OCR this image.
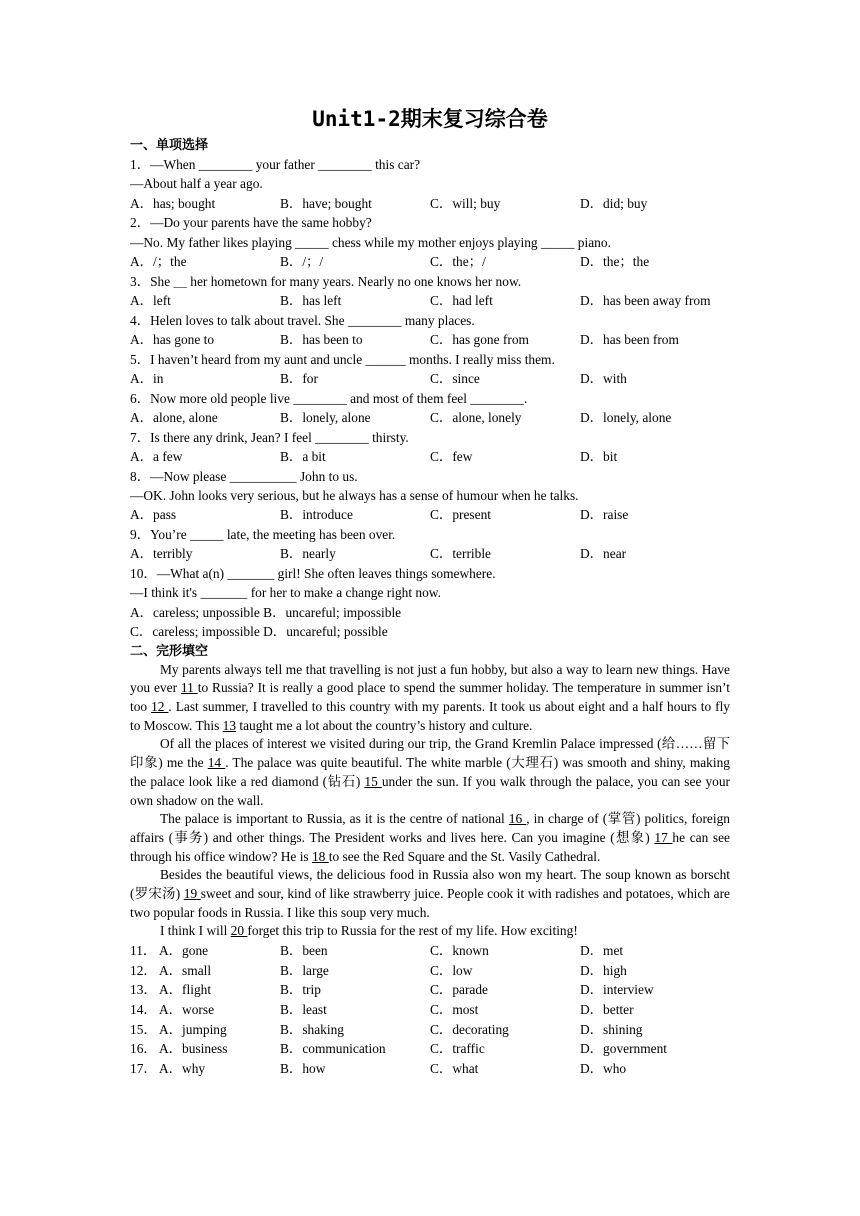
Unit1-2期末复习综合卷
一、单项选择
1．—When ________ your father ________ this car?
—About half a year ago.
A．has; bought	B．have; bought	C．will; buy	D．did; buy
2．—Do your parents have the same hobby?
—No. My father likes playing _____ chess while my mother enjoys playing _____ piano.
A．/；the	B．/；/	C．the；/	D．the；the
3．She ＿ her hometown for many years. Nearly no one knows her now.
A．left	B．has left	C．had left	D．has been away from
4．Helen loves to talk about travel. She ________ many places.
A．has gone to	B．has been to	C．has gone from	D．has been from
5．I haven’t heard from my aunt and uncle ______ months. I really miss them.
A．in	B．for	C．since	D．with
6．Now more old people live ________ and most of them feel ________.
A．alone, alone	B．lonely, alone	C．alone, lonely	D．lonely, alone
7．Is there any drink, Jean? I feel ________ thirsty.
A．a few	B．a bit	C．few	D．bit
8．—Now please __________ John to us.
—OK. John looks very serious, but he always has a sense of humour when he talks.
A．pass	B．introduce	C．present	D．raise
9．You’re _____ late, the meeting has been over.
A．terribly	B．nearly	C．terrible	D．near
10．—What a(n) _______ girl! She often leaves things somewhere.
—I think it's _______ for her to make a change right now.
A．careless; unpossible B．uncareful; impossible
C．careless; impossible D．uncareful; possible
二、完形填空
My parents always tell me that travelling is not just a fun hobby, but also a way to learn new things. Have you ever 11 to Russia? It is really a good place to spend the summer holiday. The temperature in summer isn’t too 12 . Last summer, I travelled to this country with my parents. It took us about eight and a half hours to fly to Moscow. This 13 taught me a lot about the country’s history and culture.
Of all the places of interest we visited during our trip, the Grand Kremlin Palace impressed (给……留下印象) me the 14 . The palace was quite beautiful. The white marble (大理石) was smooth and shiny, making the palace look like a red diamond (钻石) 15 under the sun. If you walk through the palace, you can see your own shadow on the wall.
The palace is important to Russia, as it is the centre of national 16 , in charge of (掌管) politics, foreign affairs (事务) and other things. The President works and lives here. Can you imagine (想象) 17 he can see through his office window? He is 18 to see the Red Square and the St. Vasily Cathedral.
Besides the beautiful views, the delicious food in Russia also won my heart. The soup known as borscht (罗宋汤) 19 sweet and sour, kind of like strawberry juice. People cook it with radishes and potatoes, which are two popular foods in Russia. I like this soup very much.
I think I will 20 forget this trip to Russia for the rest of my life. How exciting!
11． A．gone	B．been	C．known	D．met
12． A．small	B．large	C．low	D．high
13． A．flight	B．trip	C．parade	D．interview
14． A．worse	B．least	C．most	D．better
15． A．jumping	B．shaking	C．decorating	D．shining
16． A．business	B．communication	C．traffic	D．government
17． A．why	B．how	C．what	D．who
